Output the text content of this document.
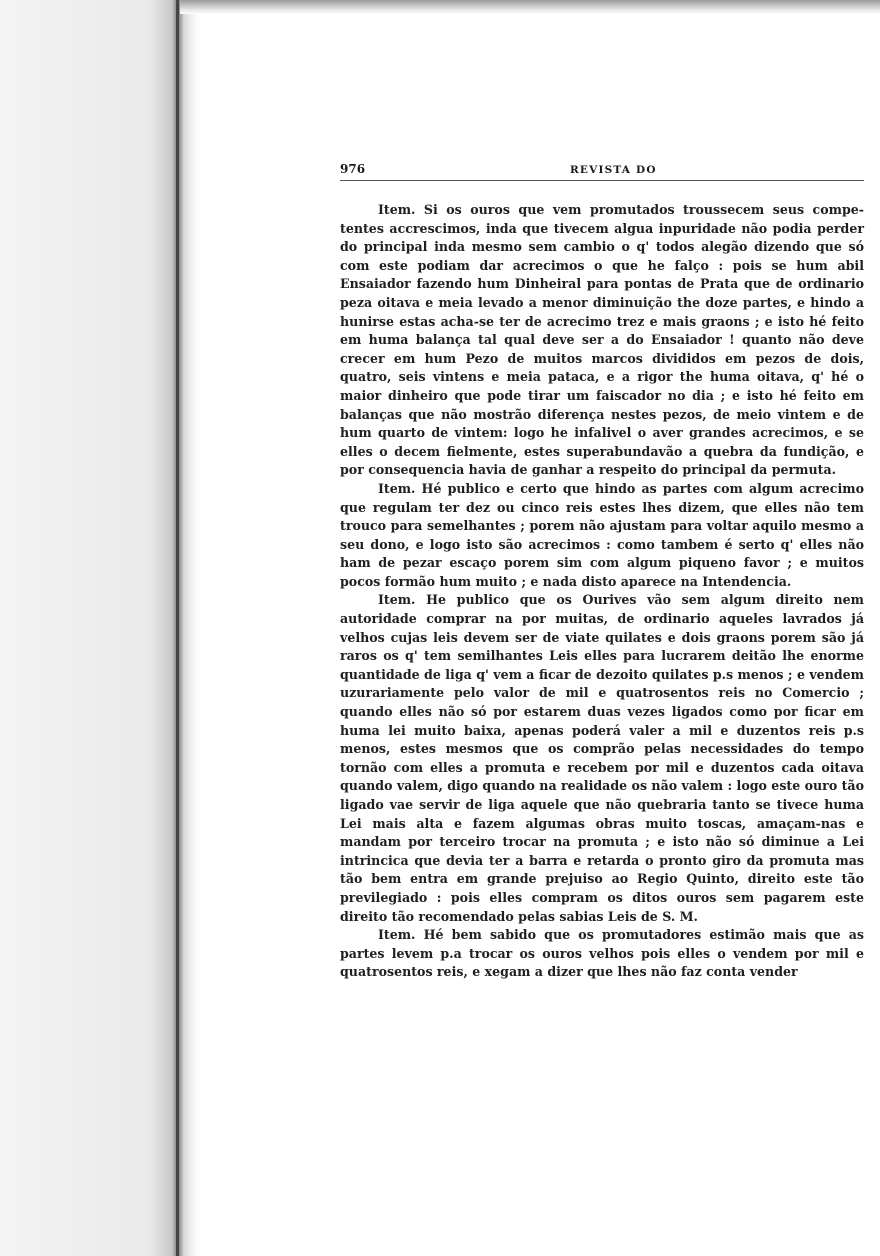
976	REVISTA DO

Item. Si os ouros que vem promutados troussecem seus competentes accrescimos, inda que tivecem algua inpuridade não podia perder do principal inda mesmo sem cambio o q' todos alegão dizendo que só com este podiam dar acrecimos o que he falço : pois se hum abil Ensaiador fazendo hum Dinheiral para pontas de Prata que de ordinario peza oitava e meia levado a menor diminuição the doze partes, e hindo a hunirse estas acha-se ter de acrecimo trez e mais graons ; e isto hé feito em huma balança tal qual deve ser a do Ensaiador ! quanto não deve crecer em hum Pezo de muitos marcos divididos em pezos de dois, quatro, seis vintens e meia pataca, e a rigor the huma oitava, q' hé o maior dinheiro que pode tirar um faiscador no dia ; e isto hé feito em balanças que não mostrão diferença nestes pezos, de meio vintem e de hum quarto de vintem: logo he infalivel o aver grandes acrecimos, e se elles o decem fielmente, estes superabundavão a quebra da fundição, e por consequencia havia de ganhar a respeito do principal da permuta.

Item. Hé publico e certo que hindo as partes com algum acrecimo que regulam ter dez ou cinco reis estes lhes dizem, que elles não tem trouco para semelhantes ; porem não ajustam para voltar aquilo mesmo a seu dono, e logo isto são acrecimos : como tambem é serto q' elles não ham de pezar escaço porem sim com algum piqueno favor ; e muitos pocos formão hum muito ; e nada disto aparece na Intendencia.

Item. He publico que os Ourives vão sem algum direito nem autoridade comprar na por muitas, de ordinario aqueles lavrados já velhos cujas leis devem ser de viate quilates e dois graons porem são já raros os q' tem semilhantes Leis elles para lucrarem deitão lhe enorme quantidade de liga q' vem a ficar de dezoito quilates p.s menos ; e vendem uzurariamente pelo valor de mil e quatrosentos reis no Comercio ; quando elles não só por estarem duas vezes ligados como por ficar em huma lei muito baixa, apenas poderá valer a mil e duzentos reis p.s menos, estes mesmos que os comprão pelas necessidades do tempo tornão com elles a promuta e recebem por mil e duzentos cada oitava quando valem, digo quando na realidade os não valem : logo este ouro tão ligado vae servir de liga aquele que não quebraria tanto se tivece huma Lei mais alta e fazem algumas obras muito toscas, amaçam-nas e mandam por terceiro trocar na promuta ; e isto não só diminue a Lei intrincica que devia ter a barra e retarda o pronto giro da promuta mas tão bem entra em grande prejuiso ao Regio Quinto, direito este tão previlegiado : pois elles compram os ditos ouros sem pagarem este direito tão recomendado pelas sabias Leis de S. M.

Item. Hé bem sabido que os promutadores estimão mais que as partes levem p.a trocar os ouros velhos pois elles o vendem por mil e quatrosentos reis, e xegam a dizer que lhes não faz conta vender
